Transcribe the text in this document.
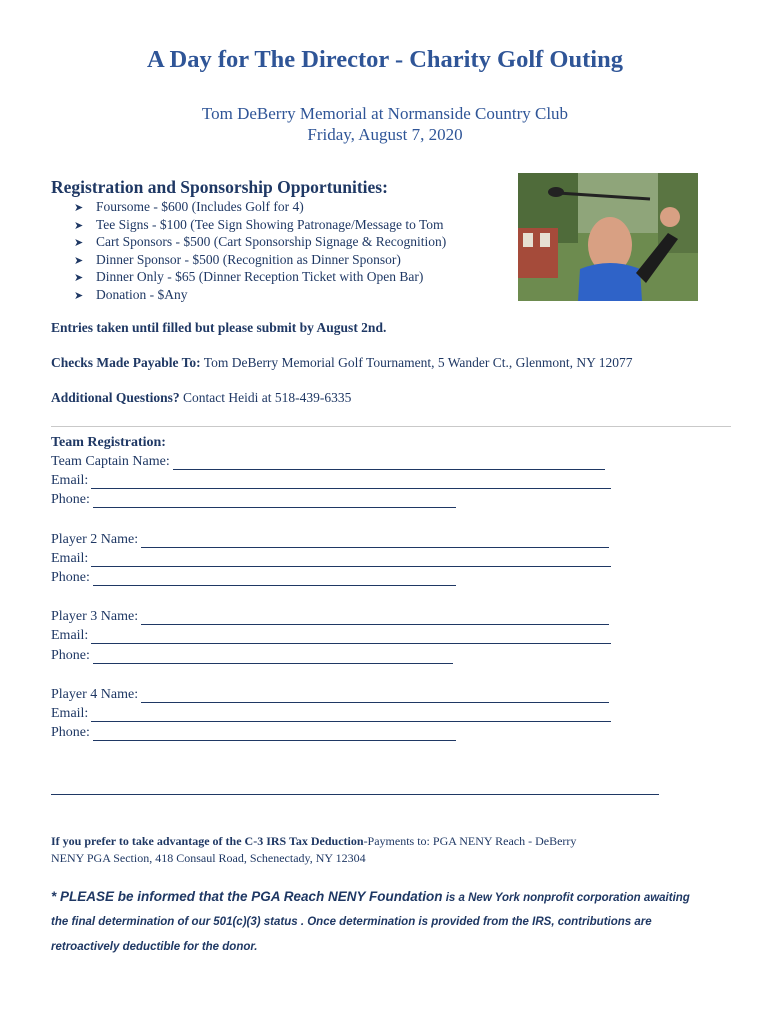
A Day for The Director - Charity Golf Outing
Tom DeBerry Memorial at Normanside Country Club
Friday, August 7, 2020
Registration and Sponsorship Opportunities:
➤ Foursome - $600 (Includes Golf for 4)
➤ Tee Signs - $100 (Tee Sign Showing Patronage/Message to Tom
➤ Cart Sponsors - $500 (Cart Sponsorship Signage & Recognition)
➤ Dinner Sponsor - $500 (Recognition as Dinner Sponsor)
➤ Dinner Only - $65 (Dinner Reception Ticket with Open Bar)
➤ Donation - $Any
Entries taken until filled but please submit by August 2nd.
Checks Made Payable To: Tom DeBerry Memorial Golf Tournament, 5 Wander Ct., Glenmont, NY 12077
Additional Questions? Contact Heidi at 518-439-6335
Team Registration:
Team Captain Name:
Email:
Phone:
Player 2 Name:
Email:
Phone:
Player 3 Name:
Email:
Phone:
Player 4 Name:
Email:
Phone:
If you prefer to take advantage of the C-3 IRS Tax Deduction-Payments to: PGA NENY Reach - DeBerry
NENY PGA Section, 418 Consaul Road, Schenectady, NY 12304
* PLEASE be informed that the PGA Reach NENY Foundation is a New York nonprofit corporation awaiting
the final determination of our 501(c)(3) status . Once determination is provided from the IRS, contributions are
retroactively deductible for the donor.
